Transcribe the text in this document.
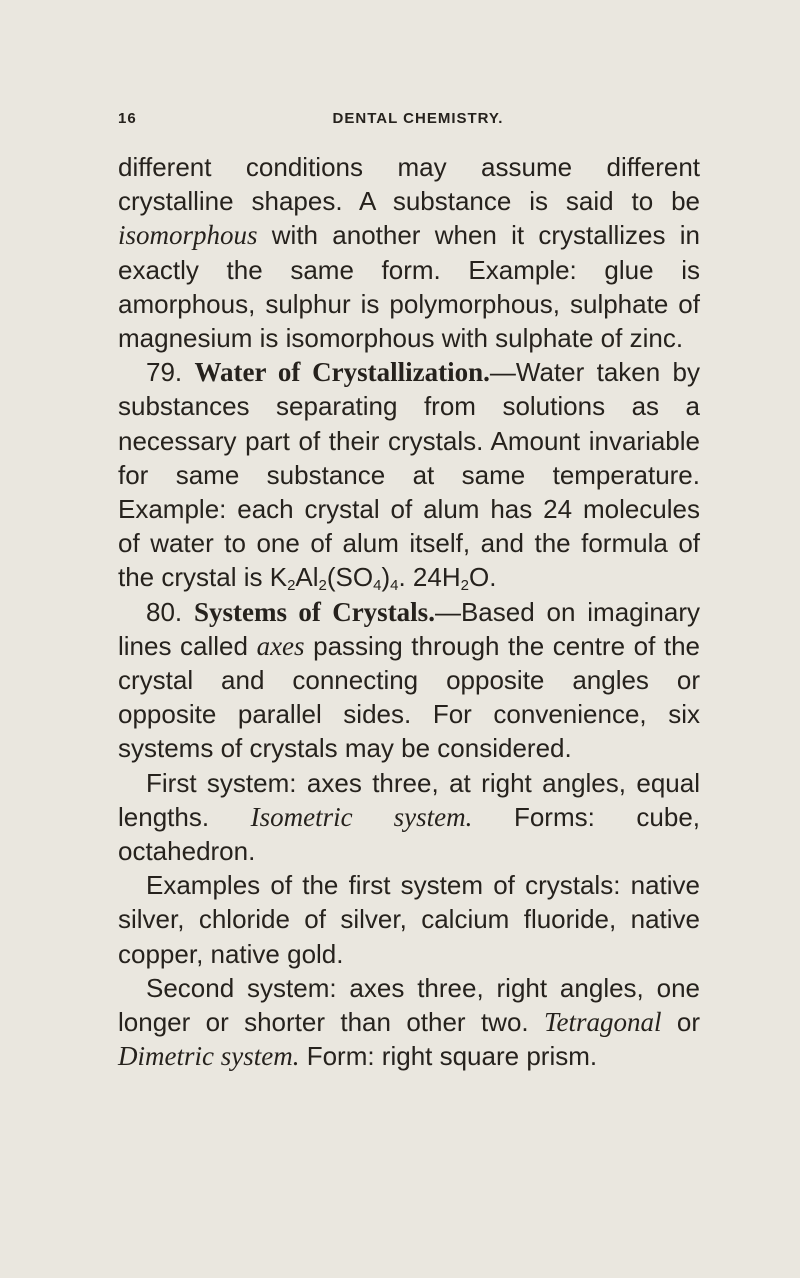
16	DENTAL CHEMISTRY.

different conditions may assume different crystalline shapes. A substance is said to be isomorphous with another when it crystallizes in exactly the same form. Example: glue is amorphous, sulphur is polymorphous, sulphate of magnesium is isomorphous with sulphate of zinc.

79. Water of Crystallization.—Water taken by substances separating from solutions as a necessary part of their crystals. Amount invariable for same substance at same temperature. Example: each crystal of alum has 24 molecules of water to one of alum itself, and the formula of the crystal is $K_2Al_2(SO_4)_4$. $24H_2O$.

80. Systems of Crystals.—Based on imaginary lines called axes passing through the centre of the crystal and connecting opposite angles or opposite parallel sides. For convenience, six systems of crystals may be considered.

First system: axes three, at right angles, equal lengths. Isometric system. Forms: cube, octahedron.

Examples of the first system of crystals: native silver, chloride of silver, calcium fluoride, native copper, native gold.

Second system: axes three, right angles, one longer or shorter than other two. Tetragonal or Dimetric system. Form: right square prism.
